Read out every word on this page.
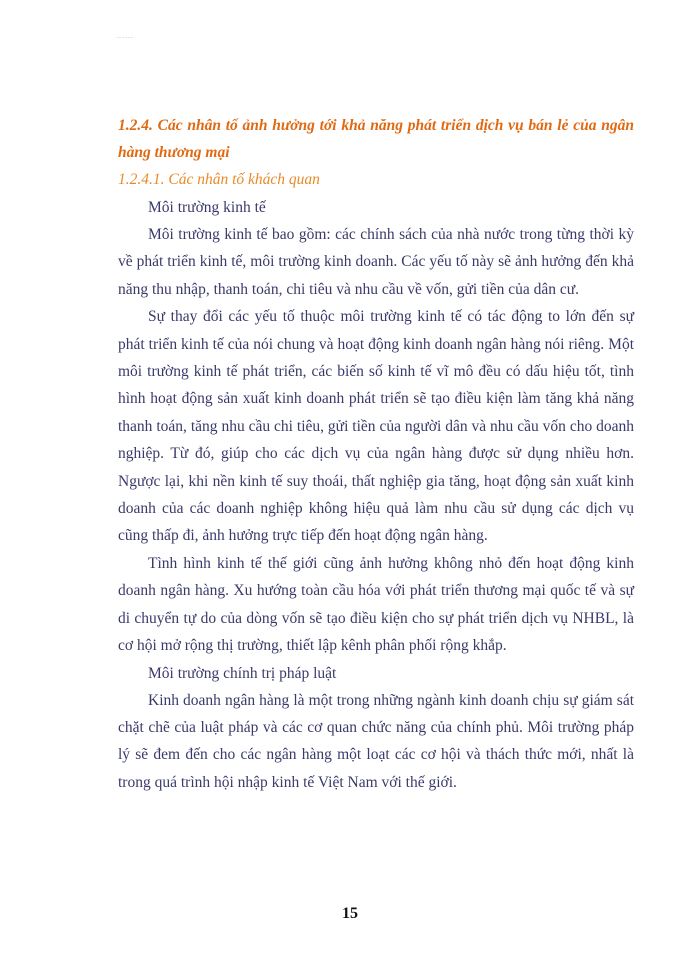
......

1.2.4. Các nhân tố ảnh hưởng tới khả năng phát triển dịch vụ bán lẻ của ngân hàng thương mại

1.2.4.1. Các nhân tố khách quan

Môi trường kinh tế

Môi trường kinh tế bao gồm: các chính sách của nhà nước trong từng thời kỳ về phát triển kinh tế, môi trường kinh doanh. Các yếu tố này sẽ ảnh hưởng đến khả năng thu nhập, thanh toán, chi tiêu và nhu cầu về vốn, gửi tiền của dân cư.

Sự thay đổi các yếu tố thuộc môi trường kinh tế có tác động to lớn đến sự phát triển kinh tế của nói chung và hoạt động kinh doanh ngân hàng nói riêng. Một môi trường kinh tế phát triển, các biến số kinh tế vĩ mô đều có dấu hiệu tốt, tình hình hoạt động sản xuất kinh doanh phát triển sẽ tạo điều kiện làm tăng khả năng thanh toán, tăng nhu cầu chi tiêu, gửi tiền của người dân và nhu cầu vốn cho doanh nghiệp. Từ đó, giúp cho các dịch vụ của ngân hàng được sử dụng nhiều hơn. Ngược lại, khi nền kinh tế suy thoái, thất nghiệp gia tăng, hoạt động sản xuất kinh doanh của các doanh nghiệp không hiệu quả làm nhu cầu sử dụng các dịch vụ cũng thấp đi, ảnh hưởng trực tiếp đến hoạt động ngân hàng.

Tình hình kinh tế thế giới cũng ảnh hưởng không nhỏ đến hoạt động kinh doanh ngân hàng. Xu hướng toàn cầu hóa với phát triển thương mại quốc tế và sự di chuyển tự do của dòng vốn sẽ tạo điều kiện cho sự phát triển dịch vụ NHBL, là cơ hội mở rộng thị trường, thiết lập kênh phân phối rộng khắp.

Môi trường chính trị pháp luật

Kinh doanh ngân hàng là một trong những ngành kinh doanh chịu sự giám sát chặt chẽ của luật pháp và các cơ quan chức năng của chính phủ. Môi trường pháp lý sẽ đem đến cho các ngân hàng một loạt các cơ hội và thách thức mới, nhất là trong quá trình hội nhập kinh tế Việt Nam với thế giới.

15
